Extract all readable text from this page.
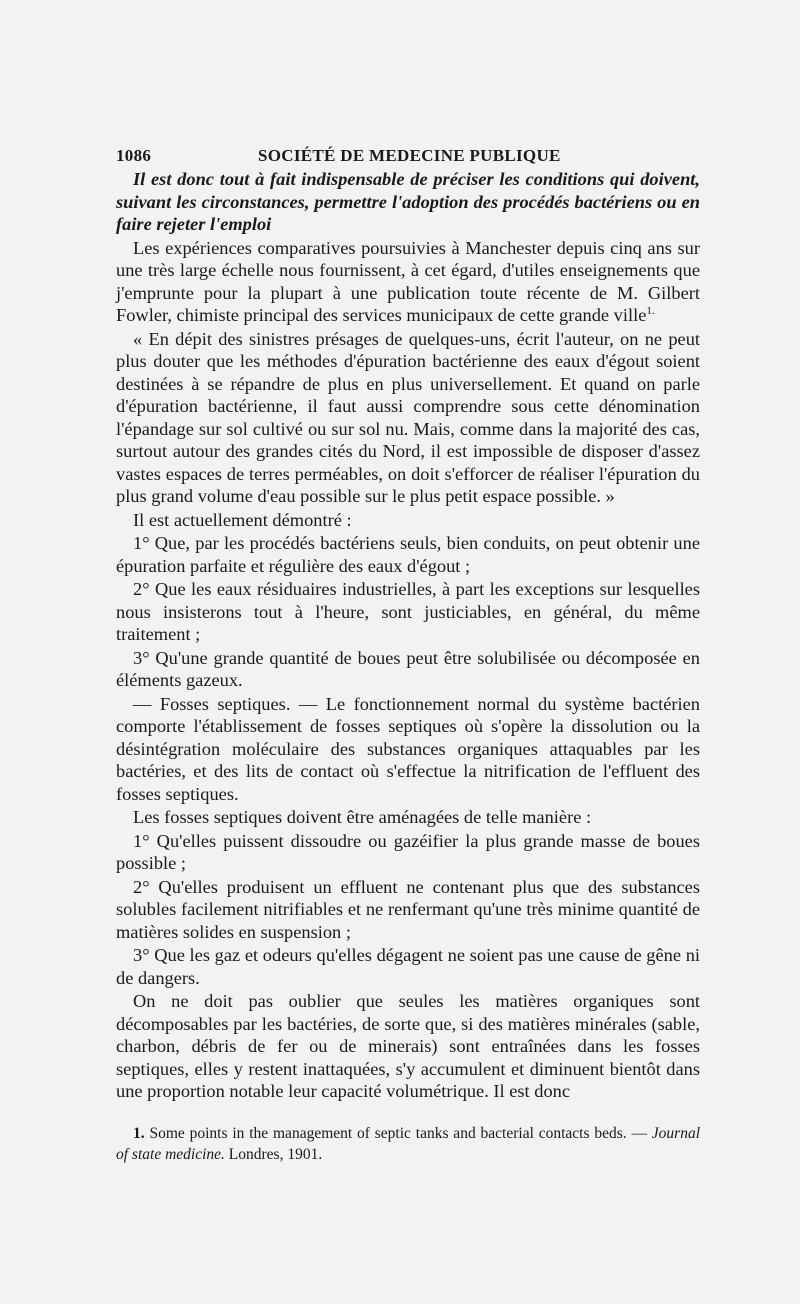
1086	SOCIÉTÉ DE MEDECINE PUBLIQUE

Il est donc tout à fait indispensable de préciser les conditions qui doivent, suivant les circonstances, permettre l'adoption des procédés bactériens ou en faire rejeter l'emploi

Les expériences comparatives poursuivies à Manchester depuis cinq ans sur une très large échelle nous fournissent, à cet égard, d'utiles enseignements que j'emprunte pour la plupart à une publication toute récente de M. Gilbert Fowler, chimiste principal des services municipaux de cette grande ville$^{1.}$

« En dépit des sinistres présages de quelques-uns, écrit l'auteur, on ne peut plus douter que les méthodes d'épuration bactérienne des eaux d'égout soient destinées à se répandre de plus en plus universellement. Et quand on parle d'épuration bactérienne, il faut aussi comprendre sous cette dénomination l'épandage sur sol cultivé ou sur sol nu. Mais, comme dans la majorité des cas, surtout autour des grandes cités du Nord, il est impossible de disposer d'assez vastes espaces de terres perméables, on doit s'efforcer de réaliser l'épuration du plus grand volume d'eau possible sur le plus petit espace possible. »

Il est actuellement démontré :

1° Que, par les procédés bactériens seuls, bien conduits, on peut obtenir une épuration parfaite et régulière des eaux d'égout ;

2° Que les eaux résiduaires industrielles, à part les exceptions sur lesquelles nous insisterons tout à l'heure, sont justiciables, en général, du même traitement ;

3° Qu'une grande quantité de boues peut être solubilisée ou décomposée en éléments gazeux.

— Fosses septiques. — Le fonctionnement normal du système bactérien comporte l'établissement de fosses septiques où s'opère la dissolution ou la désintégration moléculaire des substances organiques attaquables par les bactéries, et des lits de contact où s'effectue la nitrification de l'effluent des fosses septiques.

Les fosses septiques doivent être aménagées de telle manière :

1° Qu'elles puissent dissoudre ou gazéifier la plus grande masse de boues possible ;

2° Qu'elles produisent un effluent ne contenant plus que des substances solubles facilement nitrifiables et ne renfermant qu'une très minime quantité de matières solides en suspension ;

3° Que les gaz et odeurs qu'elles dégagent ne soient pas une cause de gêne ni de dangers.

On ne doit pas oublier que seules les matières organiques sont décomposables par les bactéries, de sorte que, si des matières minérales (sable, charbon, débris de fer ou de minerais) sont entraînées dans les fosses septiques, elles y restent inattaquées, s'y accumulent et diminuent bientôt dans une proportion notable leur capacité volumétrique. Il est donc

1. Some points in the management of septic tanks and bacterial contacts beds. — Journal of state medicine. Londres, 1901.
